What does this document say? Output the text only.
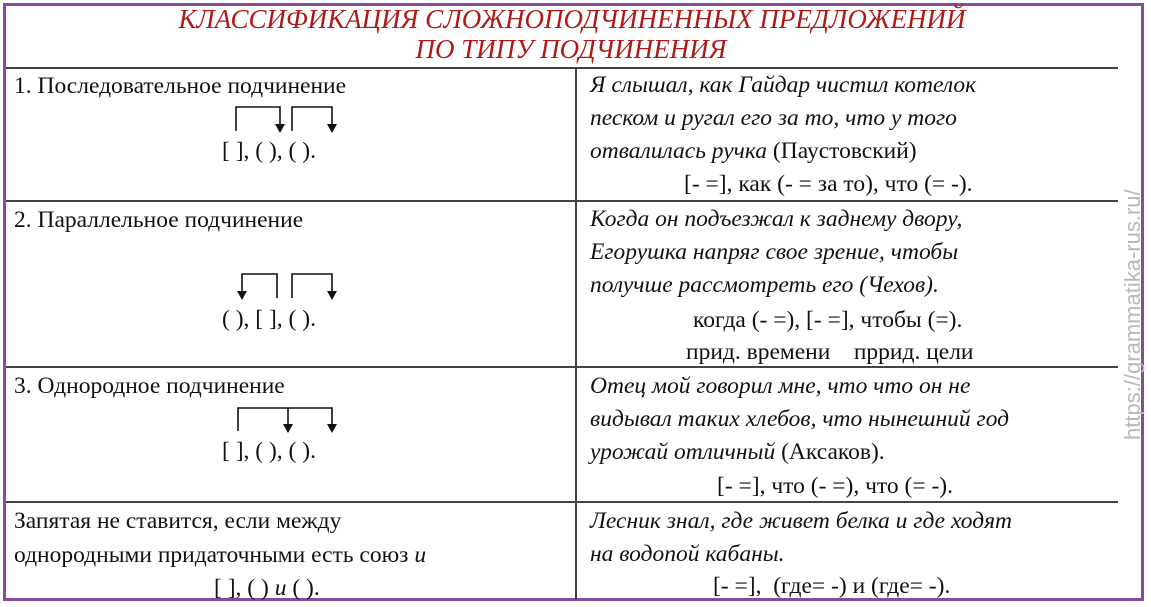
КЛАССИФИКАЦИЯ СЛОЖНОПОДЧИНЕННЫХ ПРЕДЛОЖЕНИЙ
ПО ТИПУ ПОДЧИНЕНИЯ
1. Последовательное подчинение
[ ], ( ), ( ).
Я слышал, как Гайдар чистил котелок
песком и ругал его за то, что у того
отвалилась ручка (Паустовский)
[- =], как (- = за то), что (= -).
2. Параллельное подчинение
( ), [ ], ( ).
Когда он подъезжал к заднему двору,
Егорушка напряг свое зрение, чтобы
получше рассмотреть его (Чехов).
когда (- =), [- =], чтобы (=).
прид. времени    пррид. цели
3. Однородное подчинение
[ ], ( ), ( ).
Отец мой говорил мне, что что он не
видывал таких хлебов, что нынешний год
урожай отличный (Аксаков).
[- =], что (- =), что (= -).
Запятая не ставится, если между
однородными придаточными есть союз и
[ ], ( ) и ( ).
Лесник знал, где живет белка и где ходят
на водопой кабаны.
[- =],  (где= -) и (где= -).
https://grammatika-rus.ru/
